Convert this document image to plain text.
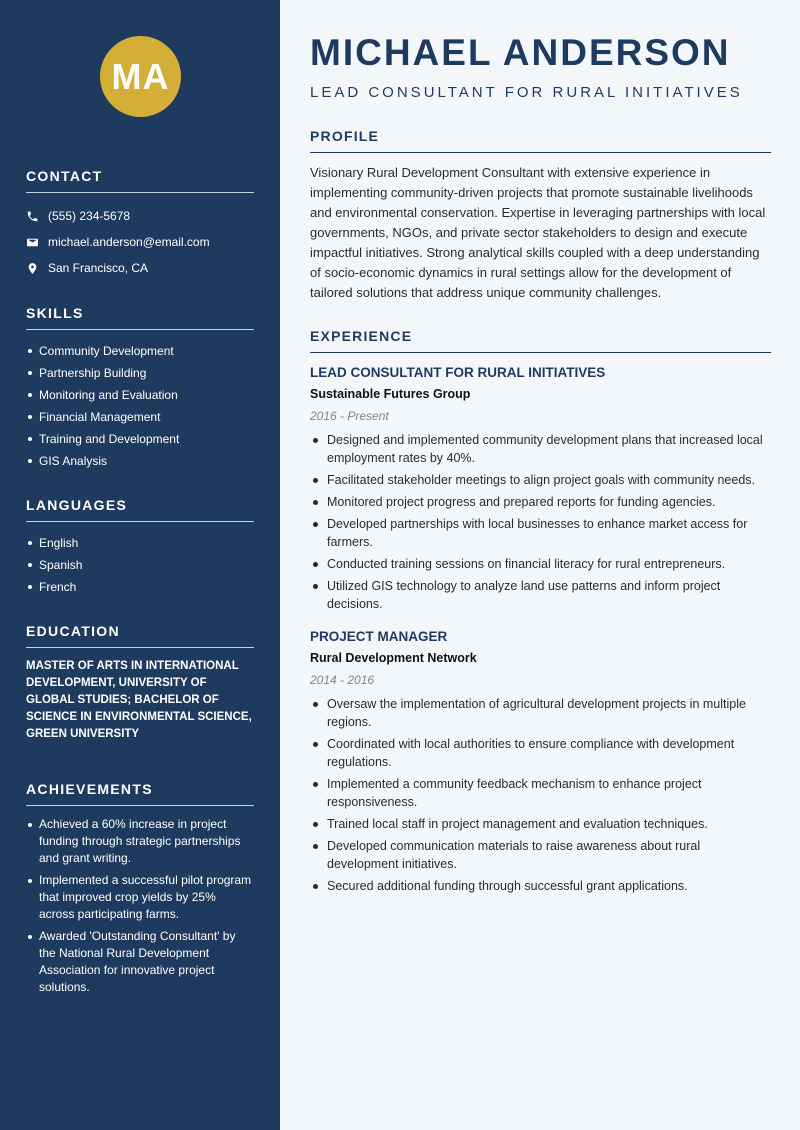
MA
CONTACT
(555) 234-5678
michael.anderson@email.com
San Francisco, CA
SKILLS
Community Development
Partnership Building
Monitoring and Evaluation
Financial Management
Training and Development
GIS Analysis
LANGUAGES
English
Spanish
French
EDUCATION
MASTER OF ARTS IN INTERNATIONAL DEVELOPMENT, UNIVERSITY OF GLOBAL STUDIES; BACHELOR OF SCIENCE IN ENVIRONMENTAL SCIENCE, GREEN UNIVERSITY
ACHIEVEMENTS
Achieved a 60% increase in project funding through strategic partnerships and grant writing.
Implemented a successful pilot program that improved crop yields by 25% across participating farms.
Awarded 'Outstanding Consultant' by the National Rural Development Association for innovative project solutions.
MICHAEL ANDERSON
LEAD CONSULTANT FOR RURAL INITIATIVES
PROFILE
Visionary Rural Development Consultant with extensive experience in implementing community-driven projects that promote sustainable livelihoods and environmental conservation. Expertise in leveraging partnerships with local governments, NGOs, and private sector stakeholders to design and execute impactful initiatives. Strong analytical skills coupled with a deep understanding of socio-economic dynamics in rural settings allow for the development of tailored solutions that address unique community challenges.
EXPERIENCE
LEAD CONSULTANT FOR RURAL INITIATIVES
Sustainable Futures Group
2016 - Present
Designed and implemented community development plans that increased local employment rates by 40%.
Facilitated stakeholder meetings to align project goals with community needs.
Monitored project progress and prepared reports for funding agencies.
Developed partnerships with local businesses to enhance market access for farmers.
Conducted training sessions on financial literacy for rural entrepreneurs.
Utilized GIS technology to analyze land use patterns and inform project decisions.
PROJECT MANAGER
Rural Development Network
2014 - 2016
Oversaw the implementation of agricultural development projects in multiple regions.
Coordinated with local authorities to ensure compliance with development regulations.
Implemented a community feedback mechanism to enhance project responsiveness.
Trained local staff in project management and evaluation techniques.
Developed communication materials to raise awareness about rural development initiatives.
Secured additional funding through successful grant applications.
